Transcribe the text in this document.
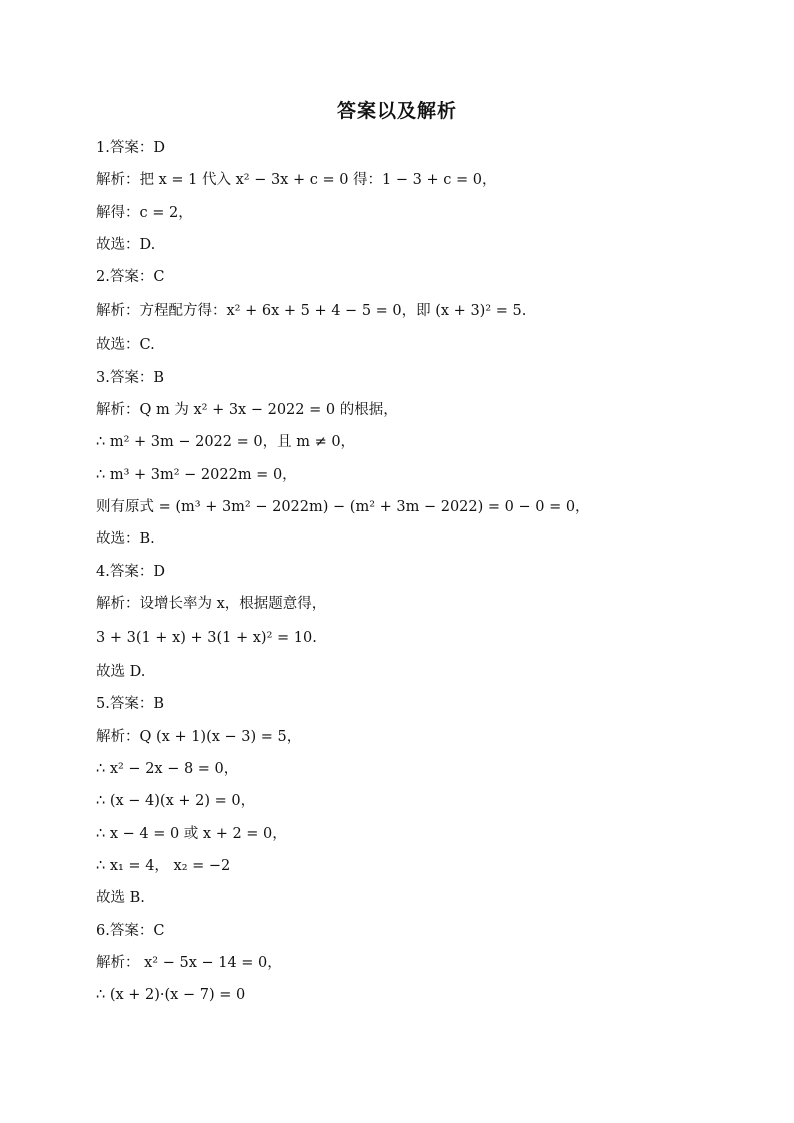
答案以及解析
1.答案：D
解析：把 x = 1 代入 x² − 3x + c = 0 得：1 − 3 + c = 0，
解得：c = 2，
故选：D.
2.答案：C
解析：方程配方得：x² + 6x + 5 + 4 − 5 = 0，即 (x + 3)² = 5.
故选：C.
3.答案：B
解析：Q m 为 x² + 3x − 2022 = 0 的根据，
∴ m² + 3m − 2022 = 0，且 m ≠ 0，
∴ m³ + 3m² − 2022m = 0，
则有原式 = (m³ + 3m² − 2022m) − (m² + 3m − 2022) = 0 − 0 = 0，
故选：B.
4.答案：D
解析：设增长率为 x，根据题意得，
3 + 3(1 + x) + 3(1 + x)² = 10.
故选 D.
5.答案：B
解析：Q (x + 1)(x − 3) = 5，
∴ x² − 2x − 8 = 0，
∴ (x − 4)(x + 2) = 0，
∴ x − 4 = 0 或 x + 2 = 0，
∴ x₁ = 4， x₂ = −2
故选 B.
6.答案：C
解析： x² − 5x − 14 = 0，
∴ (x + 2)·(x − 7) = 0
